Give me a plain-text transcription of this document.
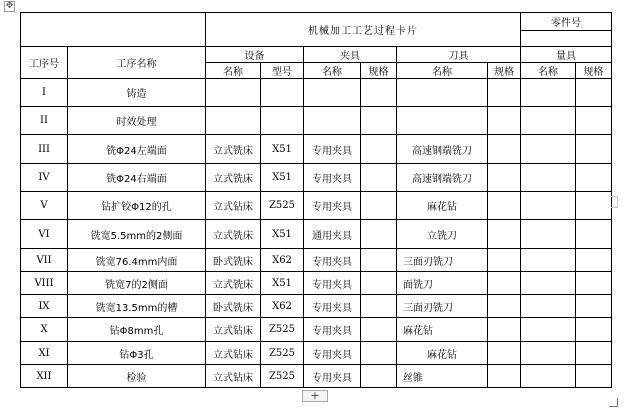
✥
		机械加工工艺过程卡片						零件号	

工序号	工序名称	设备		夹具		刀具		量具	
		名称	型号	名称	规格	名称	规格	名称	规格
I	铸造								
II	时效处理								
III	铣Φ24左端面	立式铣床	X51	专用夹具		高速钢端铣刀			
IV	铣Φ24右端面	立式铣床	X51	专用夹具		高速钢端铣刀			
V	钻扩铰Φ12的孔	立式钻床	Z525	专用夹具		麻花钻			
VI	铣宽5.5mm的2侧面	立式铣床	X51	通用夹具		立铣刀			
VII	铣宽76.4mm内面	卧式铣床	X62	专用夹具		三面刃铣刀			
VIII	铣宽7的2侧面	立式铣床	X51	专用夹具		面铣刀			
IX	铣宽13.5mm的槽	卧式铣床	X62	专用夹具		三面刃铣刀			
X	钻Φ8mm孔	立式钻床	Z525	专用夹具		麻花钻			
XI	钻Φ3孔	立式钻床	Z525	专用夹具		麻花钻			
XII	检验	立式钻床	Z525	专用夹具		丝锥			
+
